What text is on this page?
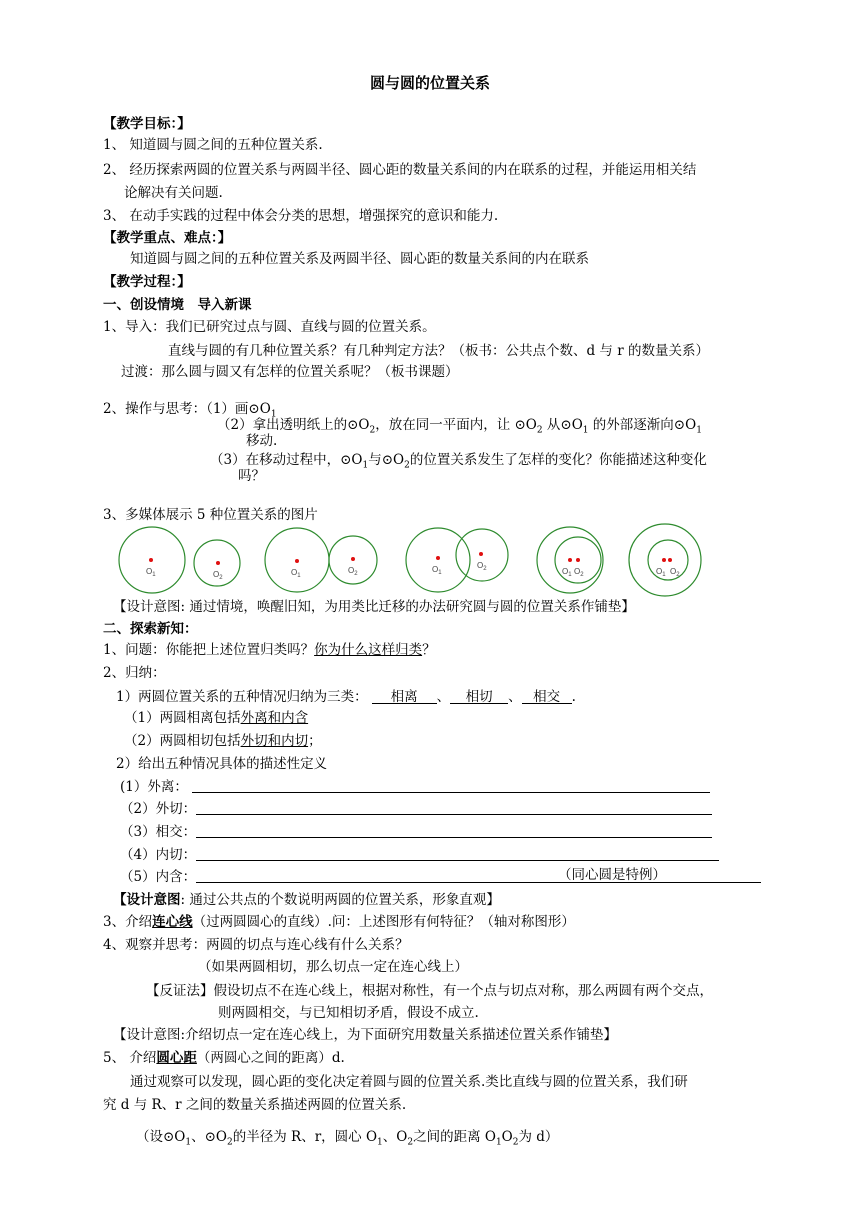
圆与圆的位置关系
【教学目标：】
1、 知道圆与圆之间的五种位置关系.
2、 经历探索两圆的位置关系与两圆半径、圆心距的数量关系间的内在联系的过程，并能运用相关结
论解决有关问题.
3、 在动手实践的过程中体会分类的思想，增强探究的意识和能力.
【教学重点、难点：】
知道圆与圆之间的五种位置关系及两圆半径、圆心距的数量关系间的内在联系
【教学过程：】
一、创设情境　导入新课
1、导入：我们已研究过点与圆、直线与圆的位置关系。
直线与圆的有几种位置关系？有几种判定方法？（板书：公共点个数、d 与 r 的数量关系）
过渡：那么圆与圆又有怎样的位置关系呢？（板书课题）
2、操作与思考：（1）画$⊙O_1$
（2）拿出透明纸上的$⊙O_2$，放在同一平面内，让 $⊙O_2$ 从$⊙O_1$ 的外部逐渐向$⊙O_1$
移动.
（3）在移动过程中，$⊙O_1$与$⊙O_2$的位置关系发生了怎样的变化？你能描述这种变化
吗？
3、多媒体展示 5 种位置关系的图片
$O_1$	$O_2$
$O_1$
$O_2$	$O_1$
$O_2$	$O_1$ $O_2$	$O_1$ $O_2$
【设计意图: 通过情境，唤醒旧知，为用类比迁移的办法研究圆与圆的位置关系作铺垫】
二、探索新知：
1、问题：你能把上述位置归类吗？你为什么这样归类？
2、归纳：
1）两圆位置关系的五种情况归纳为三类： 相离 、 相切 、 相交 .
（1）两圆相离包括外离和内含
（2）两圆相切包括外切和内切；
2）给出五种情况具体的描述性定义
(1）外离：
（2）外切：
（3）相交：
（4）内切：
（5）内含：	（同心圆是特例）
【设计意图: 通过公共点的个数说明两圆的位置关系，形象直观】
3、介绍连心线（过两圆圆心的直线）.问：上述图形有何特征？（轴对称图形）
4、观察并思考：两圆的切点与连心线有什么关系？
（如果两圆相切，那么切点一定在连心线上）
【反证法】假设切点不在连心线上，根据对称性，有一个点与切点对称，那么两圆有两个交点，
则两圆相交，与已知相切矛盾，假设不成立.
【设计意图:介绍切点一定在连心线上，为下面研究用数量关系描述位置关系作铺垫】
5、 介绍圆心距（两圆心之间的距离）d.
通过观察可以发现，圆心距的变化决定着圆与圆的位置关系.类比直线与圆的位置关系，我们研
究 d 与 R、r 之间的数量关系描述两圆的位置关系.
（设$⊙O_1$、$⊙O_2$的半径为 R、r，圆心 $O_1$、$O_2$之间的距离 $O_1O_2$为 d）
